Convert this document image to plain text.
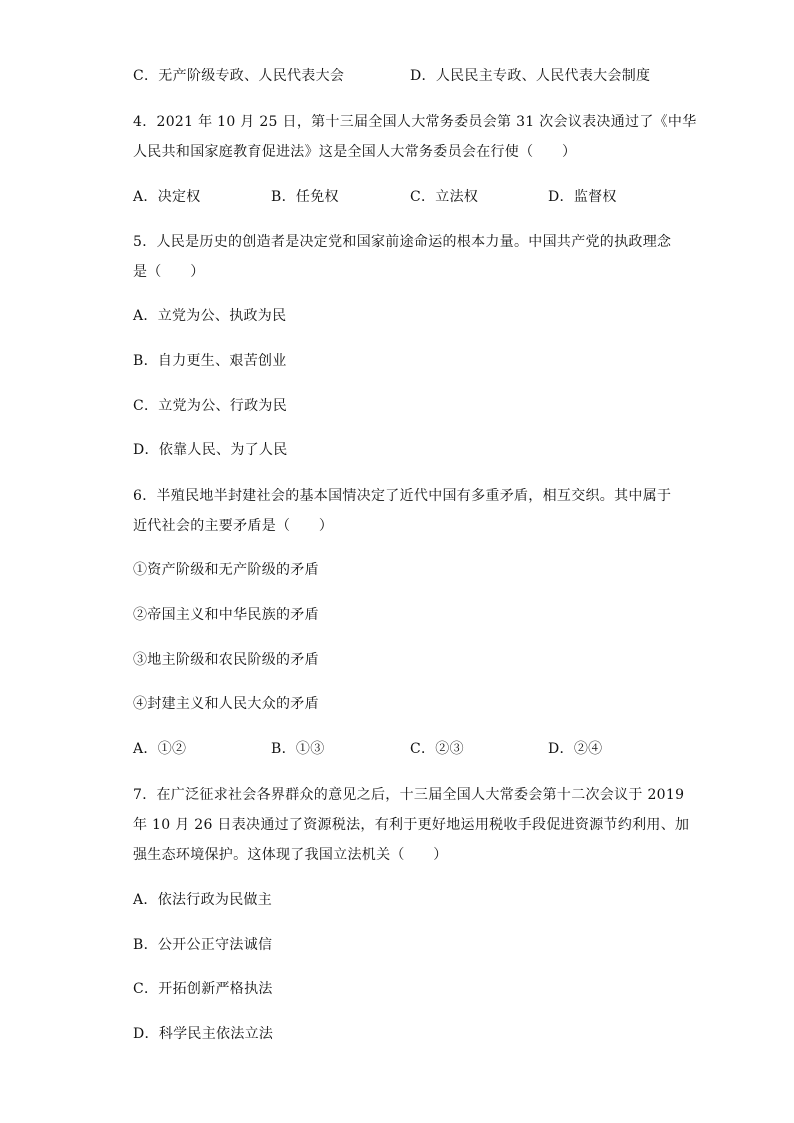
C．无产阶级专政、人民代表大会	D．人民民主专政、人民代表大会制度
4．2021 年 10 月 25 日，第十三届全国人大常务委员会第 31 次会议表决通过了《中华
人民共和国家庭教育促进法》这是全国人大常务委员会在行使（　　）
A．决定权	B．任免权	C．立法权	D．监督权
5．人民是历史的创造者是决定党和国家前途命运的根本力量。中国共产党的执政理念
是（　　）
A．立党为公、执政为民
B．自力更生、艰苦创业
C．立党为公、行政为民
D．依靠人民、为了人民
6．半殖民地半封建社会的基本国情决定了近代中国有多重矛盾，相互交织。其中属于
近代社会的主要矛盾是（　　）
①资产阶级和无产阶级的矛盾
②帝国主义和中华民族的矛盾
③地主阶级和农民阶级的矛盾
④封建主义和人民大众的矛盾
A．①②	B．①③	C．②③	D．②④
7．在广泛征求社会各界群众的意见之后，十三届全国人大常委会第十二次会议于 2019
年 10 月 26 日表决通过了资源税法，有利于更好地运用税收手段促进资源节约利用、加
强生态环境保护。这体现了我国立法机关（　　）
A．依法行政为民做主
B．公开公正守法诚信
C．开拓创新严格执法
D．科学民主依法立法
